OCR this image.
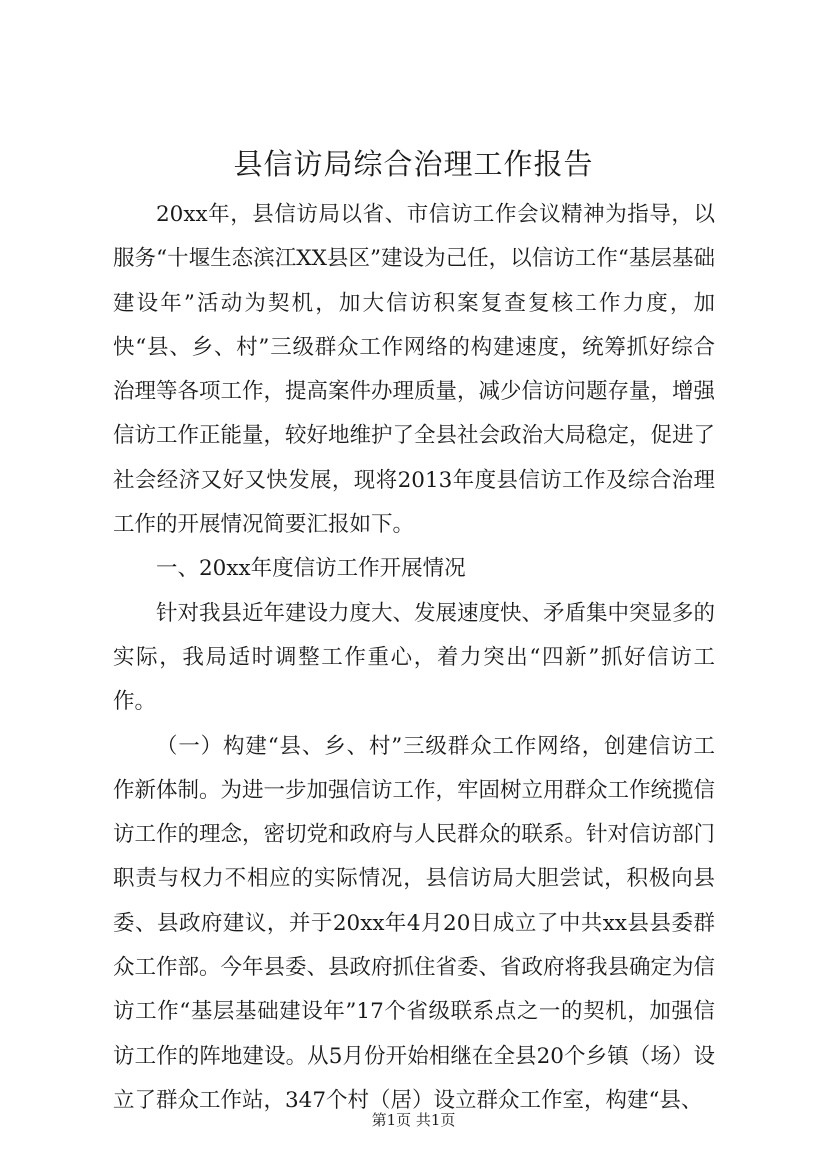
县信访局综合治理工作报告

20xx年，县信访局以省、市信访工作会议精神为指导，以服务“十堰生态滨江XX县区”建设为己任，以信访工作“基层基础建设年”活动为契机，加大信访积案复查复核工作力度，加快“县、乡、村”三级群众工作网络的构建速度，统筹抓好综合治理等各项工作，提高案件办理质量，减少信访问题存量，增强信访工作正能量，较好地维护了全县社会政治大局稳定，促进了社会经济又好又快发展，现将2013年度县信访工作及综合治理工作的开展情况简要汇报如下。

一、20xx年度信访工作开展情况

针对我县近年建设力度大、发展速度快、矛盾集中突显多的实际，我局适时调整工作重心，着力突出“四新”抓好信访工作。

（一）构建“县、乡、村”三级群众工作网络，创建信访工作新体制。为进一步加强信访工作，牢固树立用群众工作统揽信访工作的理念，密切党和政府与人民群众的联系。针对信访部门职责与权力不相应的实际情况，县信访局大胆尝试，积极向县委、县政府建议，并于20xx年4月20日成立了中共xx县县委群众工作部。今年县委、县政府抓住省委、省政府将我县确定为信访工作“基层基础建设年”17个省级联系点之一的契机，加强信访工作的阵地建设。从5月份开始相继在全县20个乡镇（场）设立了群众工作站，347个村（居）设立群众工作室，构建“县、

第1页 共1页
